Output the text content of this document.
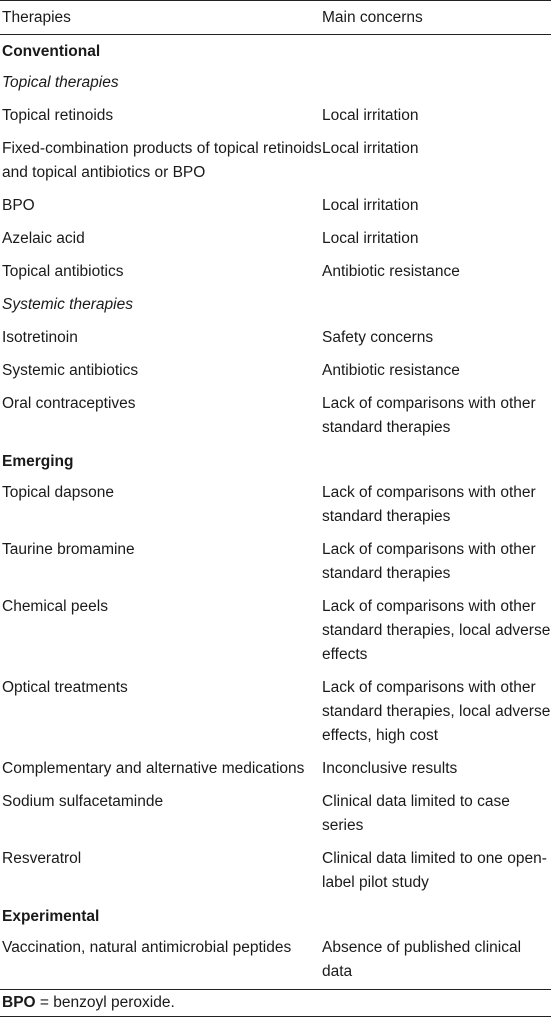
Therapies	Main concerns
Conventional	
Topical therapies	
Topical retinoids	Local irritation
Fixed-combination products of topical retinoids and topical antibiotics or BPO	Local irritation
BPO	Local irritation
Azelaic acid	Local irritation
Topical antibiotics	Antibiotic resistance
Systemic therapies	
Isotretinoin	Safety concerns
Systemic antibiotics	Antibiotic resistance
Oral contraceptives	Lack of comparisons with other standard therapies
Emerging	
Topical dapsone	Lack of comparisons with other standard therapies
Taurine bromamine	Lack of comparisons with other standard therapies
Chemical peels	Lack of comparisons with other standard therapies, local adverse effects
Optical treatments	Lack of comparisons with other standard therapies, local adverse effects, high cost
Complementary and alternative medications	Inconclusive results
Sodium sulfacetaminde	Clinical data limited to case series
Resveratrol	Clinical data limited to one open-label pilot study
Experimental	
Vaccination, natural antimicrobial peptides	Absence of published clinical data
BPO = benzoyl peroxide.
